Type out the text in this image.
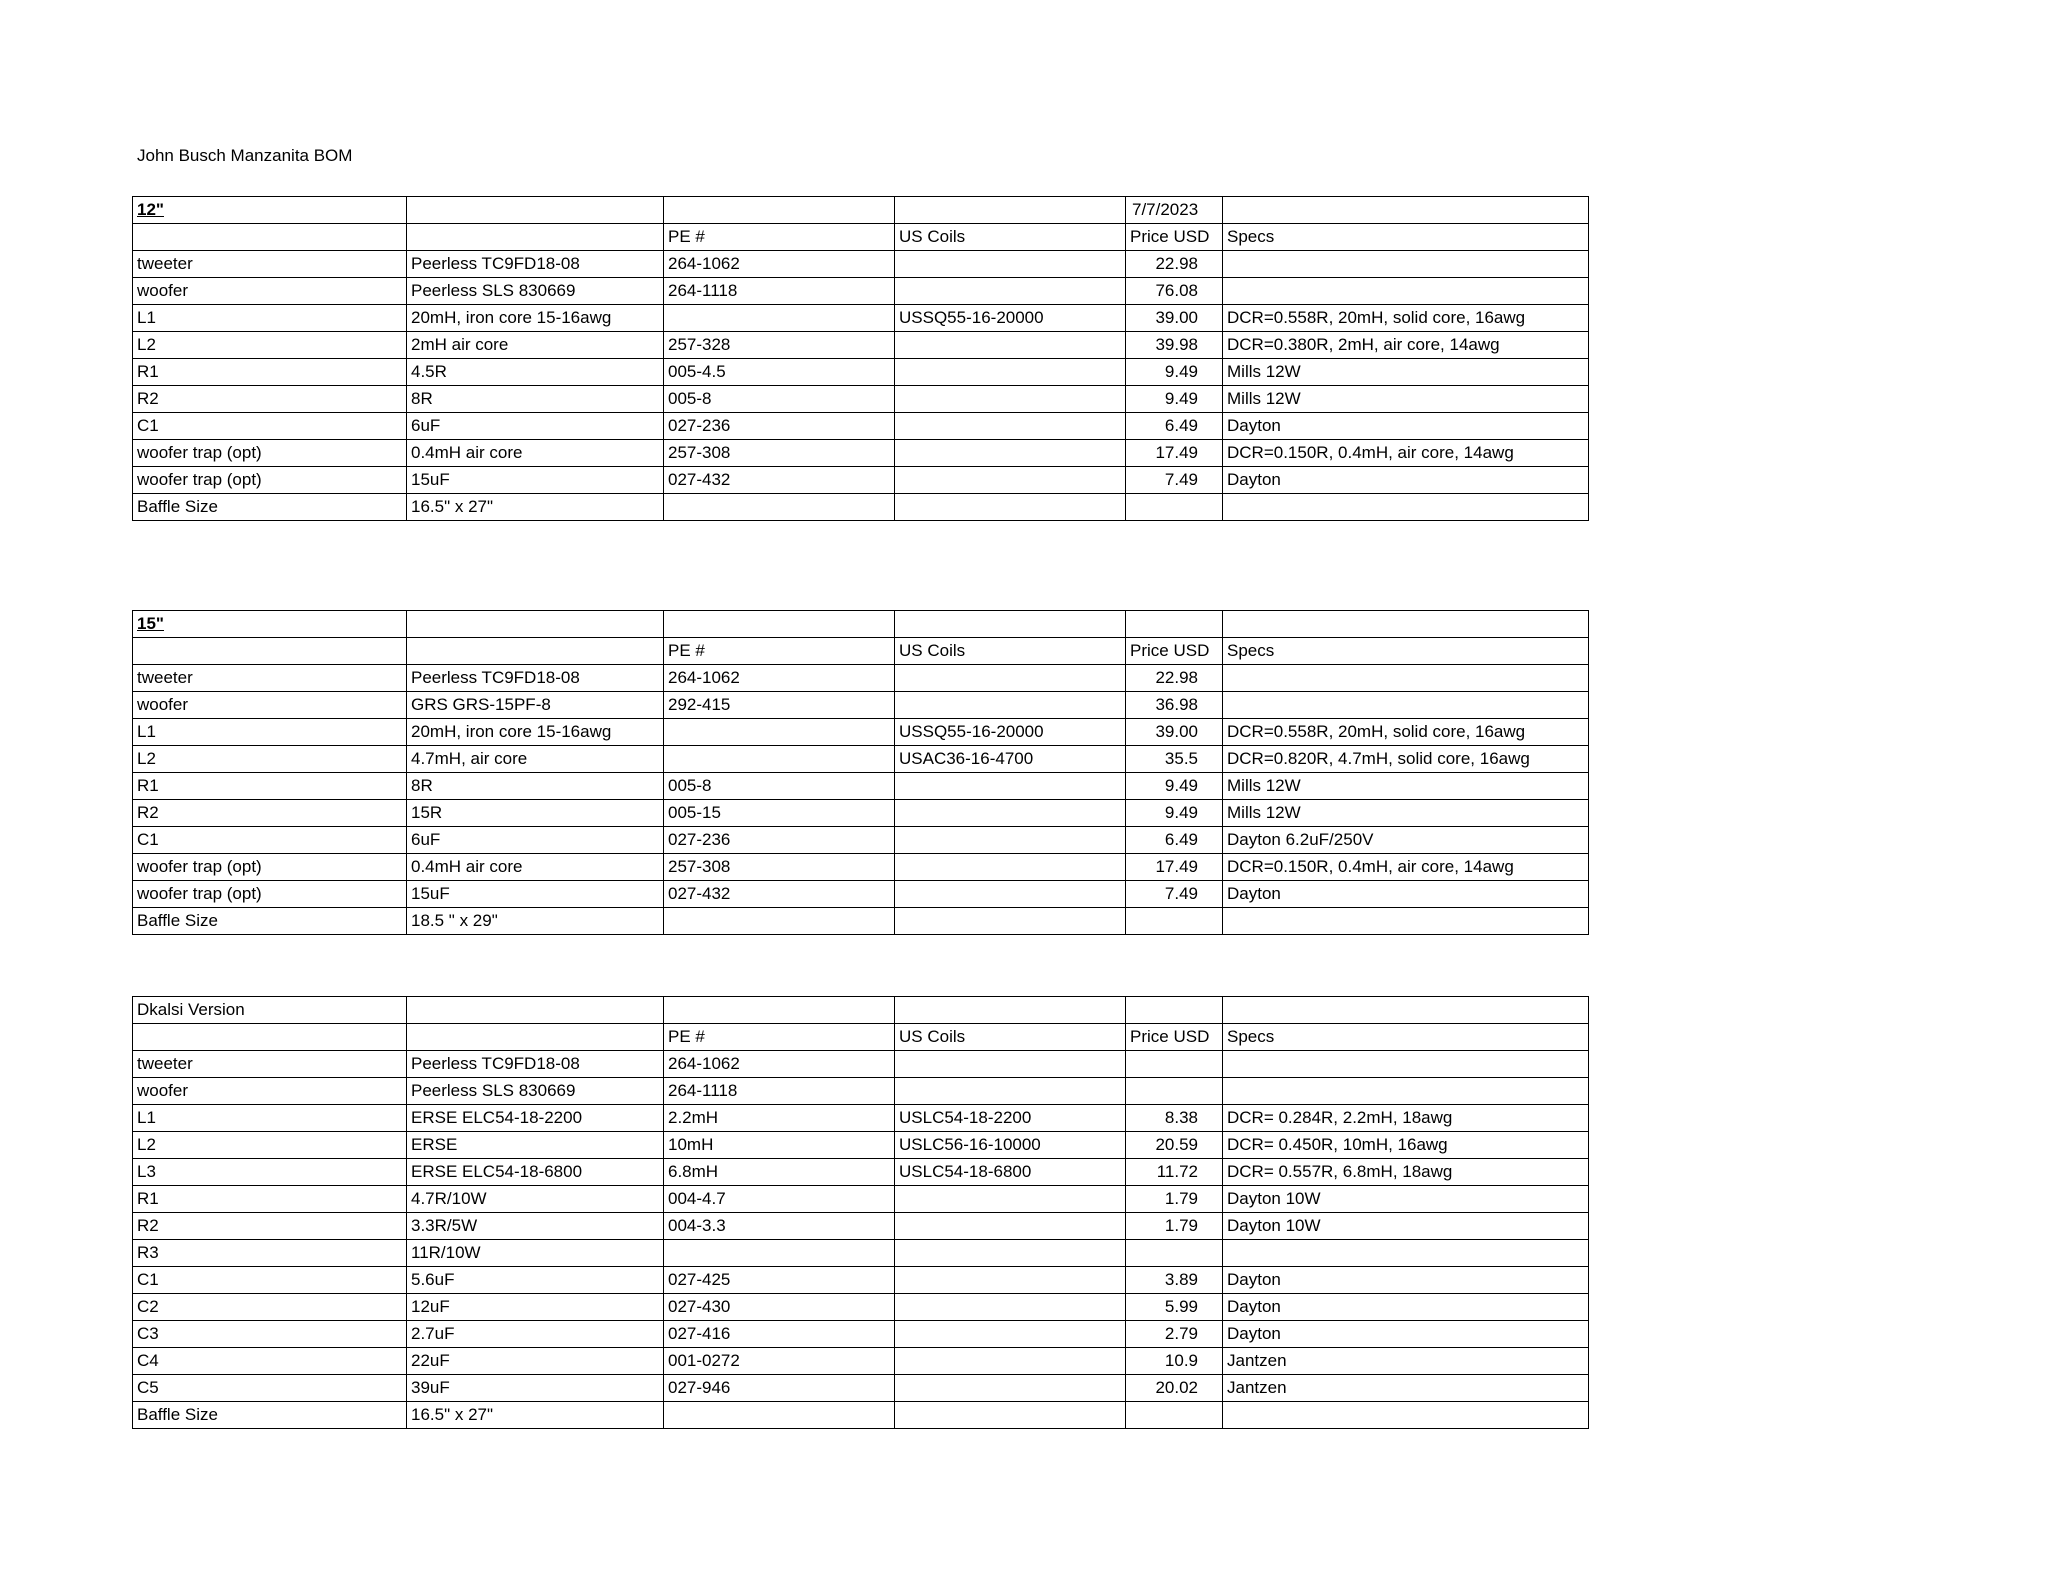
John Busch Manzanita BOM
12"				7/7/2023	
		PE #	US Coils	Price USD	Specs
tweeter	Peerless TC9FD18-08	264-1062		22.98	
woofer	Peerless SLS 830669	264-1118		76.08	
L1	20mH, iron core 15-16awg		USSQ55-16-20000	39.00	DCR=0.558R, 20mH, solid core, 16awg
L2	2mH air core	257-328		39.98	DCR=0.380R, 2mH, air core, 14awg
R1	4.5R	005-4.5		9.49	Mills 12W
R2	8R	005-8		9.49	Mills 12W
C1	6uF	027-236		6.49	Dayton
woofer trap (opt)	0.4mH air core	257-308		17.49	DCR=0.150R, 0.4mH, air core, 14awg
woofer trap (opt)	15uF	027-432		7.49	Dayton
Baffle Size	16.5" x 27"				
15"					
		PE #	US Coils	Price USD	Specs
tweeter	Peerless TC9FD18-08	264-1062		22.98	
woofer	GRS GRS-15PF-8	292-415		36.98	
L1	20mH, iron core 15-16awg		USSQ55-16-20000	39.00	DCR=0.558R, 20mH, solid core, 16awg
L2	4.7mH, air core		USAC36-16-4700	35.5	DCR=0.820R, 4.7mH, solid core, 16awg
R1	8R	005-8		9.49	Mills 12W
R2	15R	005-15		9.49	Mills 12W
C1	6uF	027-236		6.49	Dayton 6.2uF/250V
woofer trap (opt)	0.4mH air core	257-308		17.49	DCR=0.150R, 0.4mH, air core, 14awg
woofer trap (opt)	15uF	027-432		7.49	Dayton
Baffle Size	18.5 " x 29"				
Dkalsi Version					
		PE #	US Coils	Price USD	Specs
tweeter	Peerless TC9FD18-08	264-1062			
woofer	Peerless SLS 830669	264-1118			
L1	ERSE ELC54-18-2200	2.2mH	USLC54-18-2200	8.38	DCR= 0.284R, 2.2mH, 18awg
L2	ERSE	10mH	USLC56-16-10000	20.59	DCR= 0.450R, 10mH, 16awg
L3	ERSE ELC54-18-6800	6.8mH	USLC54-18-6800	11.72	DCR= 0.557R, 6.8mH, 18awg
R1	4.7R/10W	004-4.7		1.79	Dayton 10W
R2	3.3R/5W	004-3.3		1.79	Dayton 10W
R3	11R/10W				
C1	5.6uF	027-425		3.89	Dayton
C2	12uF	027-430		5.99	Dayton
C3	2.7uF	027-416		2.79	Dayton
C4	22uF	001-0272		10.9	Jantzen
C5	39uF	027-946		20.02	Jantzen
Baffle Size	16.5" x 27"				
